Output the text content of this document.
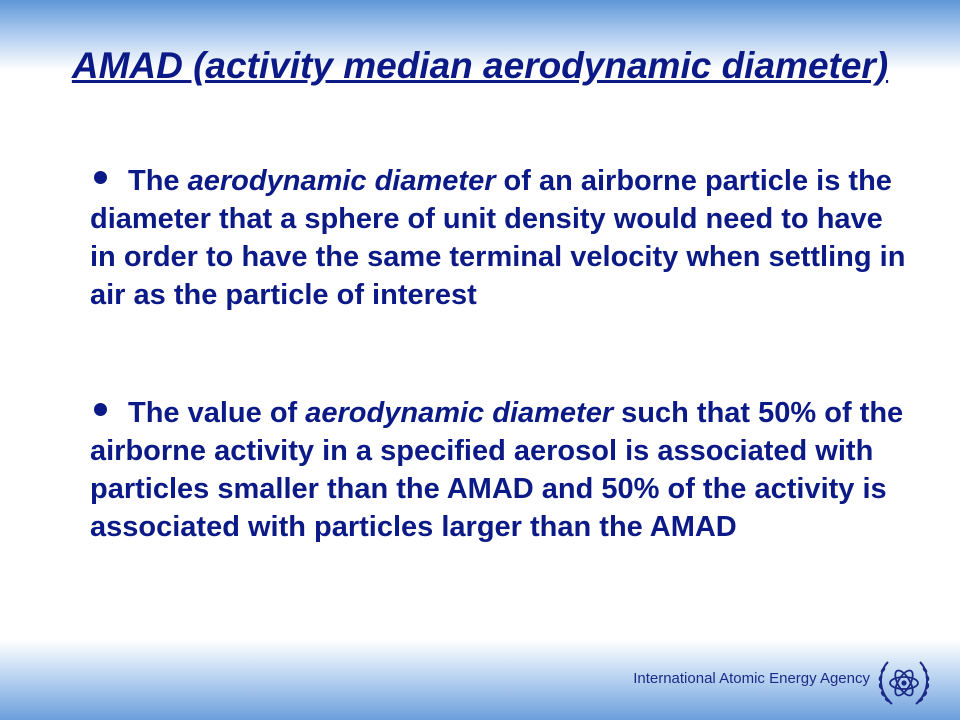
AMAD (activity median aerodynamic diameter)
The aerodynamic diameter of an airborne particle is the diameter that a sphere of unit density would need to have in order to have the same terminal velocity when settling in air as the particle of interest
The value of aerodynamic diameter such that 50% of the airborne activity in a specified aerosol is associated with particles smaller than the AMAD and 50% of the activity is associated with particles larger than the AMAD
International Atomic Energy Agency
